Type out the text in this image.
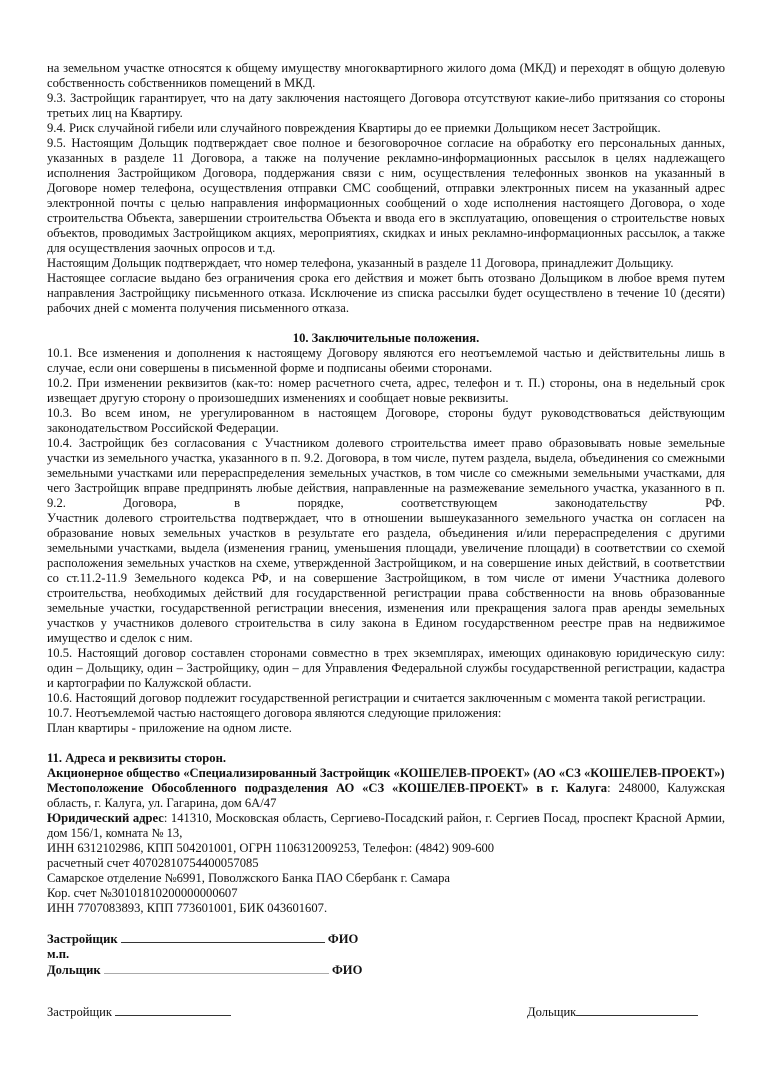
на земельном участке относятся к общему имуществу многоквартирного жилого дома (МКД) и переходят в общую долевую собственность собственников помещений в МКД.

9.3. Застройщик гарантирует, что на дату заключения настоящего Договора отсутствуют какие-либо притязания со стороны третьих лиц на Квартиру.

9.4. Риск случайной гибели или случайного повреждения Квартиры до ее приемки Дольщиком несет Застройщик.

9.5. Настоящим Дольщик подтверждает свое полное и безоговорочное согласие на обработку его персональных данных, указанных в разделе 11 Договора, а также на получение рекламно-информационных рассылок в целях надлежащего исполнения Застройщиком Договора, поддержания связи с ним, осуществления телефонных звонков на указанный в Договоре номер телефона, осуществления отправки СМС сообщений, отправки электронных писем на указанный адрес электронной почты с целью направления информационных сообщений о ходе исполнения настоящего Договора, о ходе строительства Объекта, завершении строительства Объекта и ввода его в эксплуатацию, оповещения о строительстве новых объектов, проводимых Застройщиком акциях, мероприятиях, скидках и иных рекламно-информационных рассылок, а также для осуществления заочных опросов и т.д.

Настоящим Дольщик подтверждает, что номер телефона, указанный в разделе 11 Договора, принадлежит Дольщику.

Настоящее согласие выдано без ограничения срока его действия и может быть отозвано Дольщиком в любое время путем направления Застройщику письменного отказа. Исключение из списка рассылки будет осуществлено в течение 10 (десяти) рабочих дней с момента получения письменного отказа.

10. Заключительные положения.

10.1. Все изменения и дополнения к настоящему Договору являются его неотъемлемой частью и действительны лишь в случае, если они совершены в письменной форме и подписаны обеими сторонами.

10.2. При изменении реквизитов (как-то: номер расчетного счета, адрес, телефон и т. П.) стороны, она в недельный срок извещает другую сторону о произошедших изменениях и сообщает новые реквизиты.

10.3. Во всем ином, не урегулированном в настоящем Договоре, стороны будут руководствоваться действующим законодательством Российской Федерации.

10.4. Застройщик без согласования с Участником долевого строительства имеет право образовывать новые земельные участки из земельного участка, указанного в п. 9.2. Договора, в том числе, путем раздела, выдела, объединения со смежными земельными участками или перераспределения земельных участков, в том числе со смежными земельными участками, для чего Застройщик вправе предпринять любые действия, направленные на размежевание земельного участка, указанного в п. 9.2. Договора, в порядке, соответствующем законодательству РФ.

Участник долевого строительства подтверждает, что в отношении вышеуказанного земельного участка он согласен на образование новых земельных участков в результате его раздела, объединения и/или перераспределения с другими земельными участками, выдела (изменения границ, уменьшения площади, увеличение площади) в соответствии со схемой расположения земельных участков на схеме, утвержденной Застройщиком, и на совершение иных действий, в соответствии со ст.11.2-11.9 Земельного кодекса РФ, и на совершение Застройщиком, в том числе от имени Участника долевого строительства, необходимых действий для государственной регистрации права собственности на вновь образованные земельные участки, государственной регистрации внесения, изменения или прекращения залога прав аренды земельных участков у участников долевого строительства в силу закона в Едином государственном реестре прав на недвижимое имущество и сделок с ним.

10.5. Настоящий договор составлен сторонами совместно в трех экземплярах, имеющих одинаковую юридическую силу: один – Дольщику, один – Застройщику, один – для Управления Федеральной службы государственной регистрации, кадастра и картографии по Калужской области.

10.6. Настоящий договор подлежит государственной регистрации и считается заключенным с момента такой регистрации.

10.7. Неотъемлемой частью настоящего договора являются следующие приложения:

План квартиры - приложение на одном листе.

11. Адреса и реквизиты сторон.

Акционерное общество «Специализированный Застройщик «КОШЕЛЕВ-ПРОЕКТ» (АО «СЗ «КОШЕЛЕВ-ПРОЕКТ»)

Местоположение Обособленного подразделения АО «СЗ «КОШЕЛЕВ-ПРОЕКТ» в г. Калуга: 248000, Калужская область, г. Калуга, ул. Гагарина, дом 6А/47

Юридический адрес: 141310, Московская область, Сергиево-Посадский район, г. Сергиев Посад, проспект Красной Армии, дом 156/1, комната № 13,

ИНН 6312102986, КПП 504201001, ОГРН 1106312009253, Телефон: (4842) 909-600

расчетный счет 40702810754400057085

Самарское отделение №6991, Поволжского Банка ПАО Сбербанк г. Самара

Кор. счет №30101810200000000607

ИНН 7707083893, КПП 773601001, БИК 043601607.

Застройщик	ФИО
м.п.
Дольщик	ФИО
Застройщик	Дольщик
